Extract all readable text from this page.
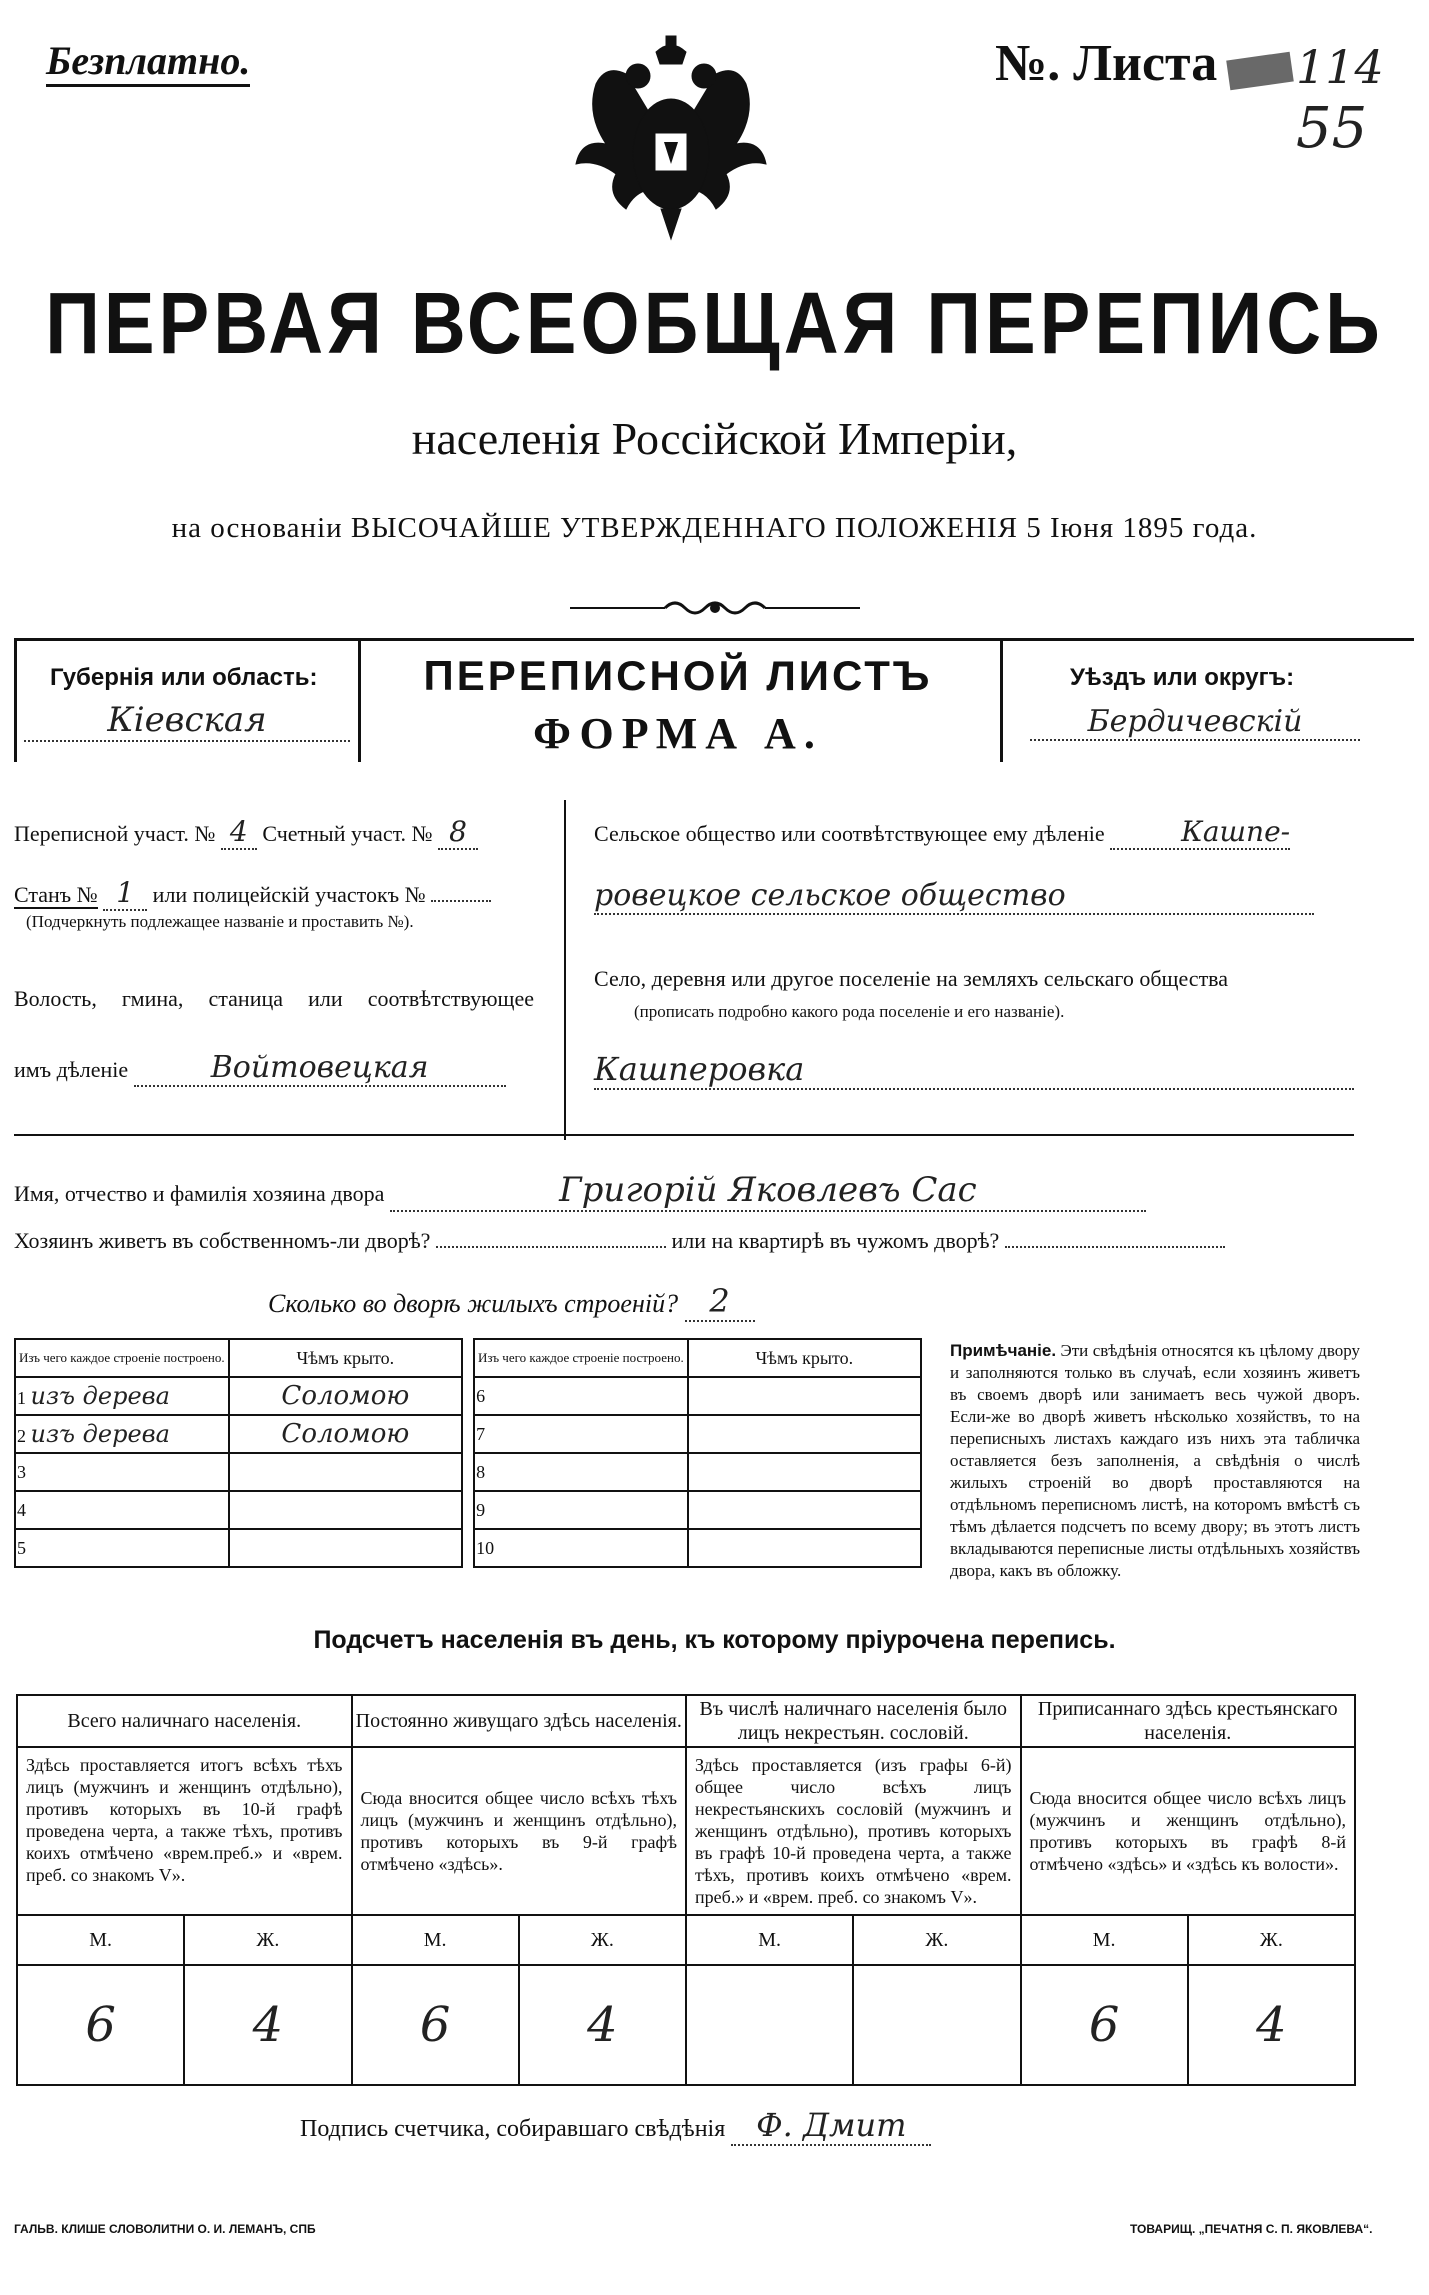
Безплатно.	№. Листа 114
55
ПЕРВАЯ ВСЕОБЩАЯ ПЕРЕПИСЬ
населенія Россійской Имперіи,
на основаніи ВЫСОЧАЙШЕ УТВЕРЖДЕННАГО ПОЛОЖЕНІЯ 5 Іюня 1895 года.
Губернія или область:
Кіевская
ПЕРЕПИСНОЙ ЛИСТЪ
ФОРМА А.
Уѣздъ или округъ:
Бердичевскій
Переписной участ. № 4 Счетный участ. № 8
Станъ № 1 или полицейскій участокъ №
(Подчеркнуть подлежащее названіе и проставить №).
Волость, гмина, станица или соотвѣтствующее
имъ дѣленіе	Войтовецкая
Сельское общество или соотвѣтствующее ему дѣленіе	Кашпе-
ровецкое сельское общество
Село, деревня или другое поселеніе на земляхъ сельскаго общества
(прописать подробно какого рода поселеніе и его названіе).
Кашперовка
Имя, отчество и фамилія хозяина двора	Григорій Яковлевъ Сас
Хозяинъ живетъ въ собственномъ-ли дворѣ?	или на квартирѣ въ чужомъ дворѣ?
Сколько во дворѣ жилыхъ строеній? 2
Изъ чего каждое строеніе построено.	Чѣмъ крыто.		Изъ чего каждое строеніе построено.	Чѣмъ крыто.
1 изъ дерева	Соломою		6	
2 изъ дерева	Соломою		7	
3			8	
4			9	
5			10	
Примѣчаніе. Эти свѣдѣнія относятся къ цѣлому двору и заполняются только въ случаѣ, если хозяинъ живетъ въ своемъ дворѣ или занимаетъ весь чужой дворъ. Если-же во дворѣ живетъ нѣсколько хозяйствъ, то на переписныхъ листахъ каждаго изъ нихъ эта табличка оставляется безъ заполненія, а свѣдѣнія о числѣ жилыхъ строеній во дворѣ проставляются на отдѣльномъ переписномъ листѣ, на которомъ вмѣстѣ съ тѣмъ дѣлается подсчетъ по всему двору; въ этотъ листъ вкладываются переписные листы отдѣльныхъ хозяйствъ двора, какъ въ обложку.
Подсчетъ населенія въ день, къ которому пріурочена перепись.
Всего наличнаго населенія.		Постоянно живущаго здѣсь населенія.		Въ числѣ наличнаго населенія было лицъ некрестьян. сословій.		Приписаннаго здѣсь крестьянскаго населенія.	
Здѣсь проставляется итогъ всѣхъ тѣхъ лицъ (мужчинъ и женщинъ отдѣльно), противъ которыхъ въ 10-й графѣ проведена черта, а также тѣхъ, противъ коихъ отмѣчено «врем.преб.» и «врем. преб. со знакомъ V».		Сюда вносится общее число всѣхъ тѣхъ лицъ (мужчинъ и женщинъ отдѣльно), противъ которыхъ въ 9-й графѣ отмѣчено «здѣсь».		Здѣсь проставляется (изъ графы 6-й) общее число всѣхъ лицъ некрестьянскихъ сословій (мужчинъ и женщинъ отдѣльно), противъ которыхъ въ графѣ 10-й проведена черта, а также тѣхъ, противъ коихъ отмѣчено «врем. преб.» и «врем. преб. со знакомъ V».		Сюда вносится общее число всѣхъ лицъ (мужчинъ и женщинъ отдѣльно), противъ которыхъ въ графѣ 8-й отмѣчено «здѣсь» и «здѣсь къ волости».	
М.	Ж.	М.	Ж.	М.	Ж.	М.	Ж.
6	4	6	4			6	4
Подпись счетчика, собиравшаго свѣдѣнія Ф. Дмит
ГАЛЬВ. КЛИШЕ СЛОВОЛИТНИ О. И. ЛЕМАНЪ, СПБ	ТОВАРИЩ. „ПЕЧАТНЯ С. П. ЯКОВЛЕВА“.
